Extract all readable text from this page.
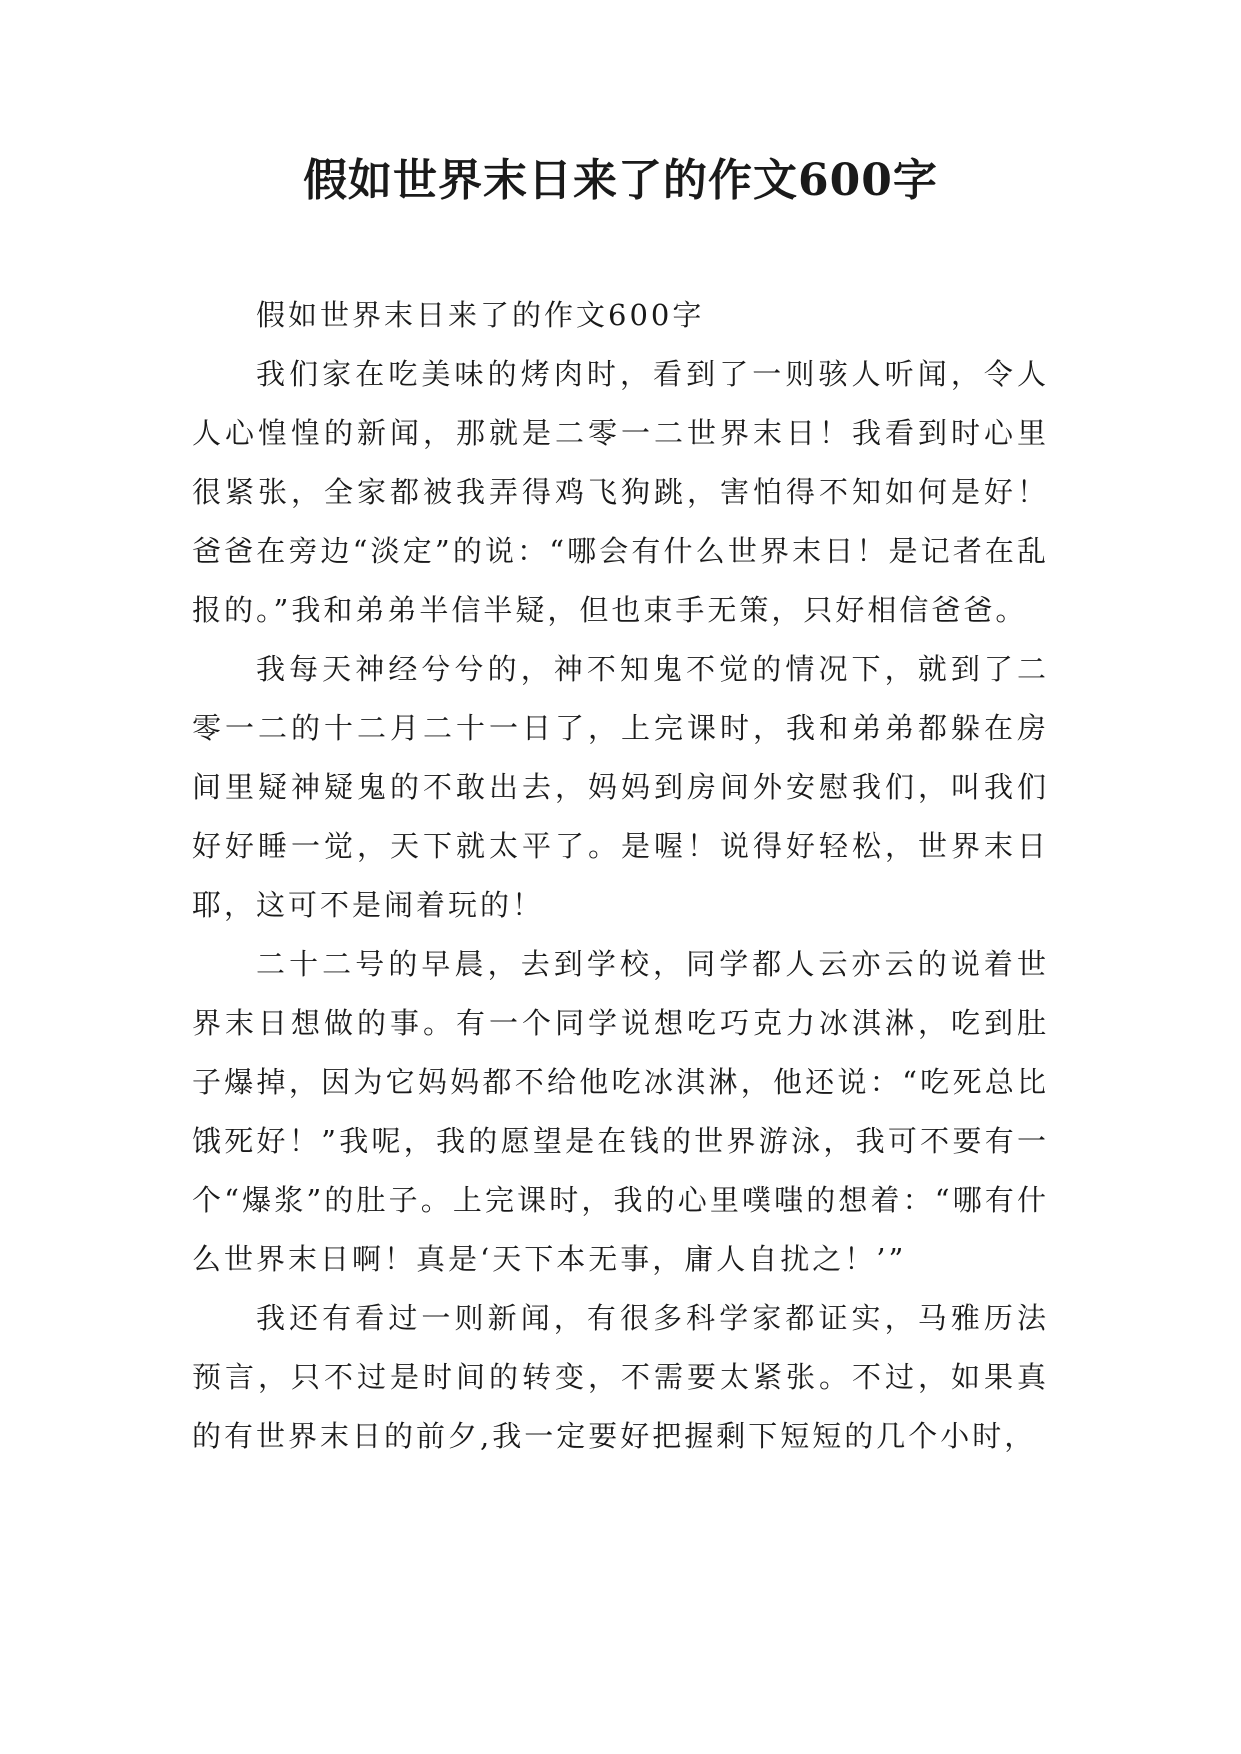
假如世界末日来了的作文600字

假如世界末日来了的作文600字

我们家在吃美味的烤肉时，看到了一则骇人听闻，令人人心惶惶的新闻，那就是二零一二世界末日！我看到时心里很紧张，全家都被我弄得鸡飞狗跳，害怕得不知如何是好！爸爸在旁边“淡定”的说：“哪会有什么世界末日！是记者在乱报的。”我和弟弟半信半疑，但也束手无策，只好相信爸爸。

我每天神经兮兮的，神不知鬼不觉的情况下，就到了二零一二的十二月二十一日了，上完课时，我和弟弟都躲在房间里疑神疑鬼的不敢出去，妈妈到房间外安慰我们，叫我们好好睡一觉，天下就太平了。是喔！说得好轻松，世界末日耶，这可不是闹着玩的！

二十二号的早晨，去到学校，同学都人云亦云的说着世界末日想做的事。有一个同学说想吃巧克力冰淇淋，吃到肚子爆掉，因为它妈妈都不给他吃冰淇淋，他还说：“吃死总比饿死好！”我呢，我的愿望是在钱的世界游泳，我可不要有一个“爆浆”的肚子。上完课时，我的心里噗嗤的想着：“哪有什么世界末日啊！真是‘天下本无事，庸人自扰之！’”

我还有看过一则新闻，有很多科学家都证实，马雅历法预言，只不过是时间的转变，不需要太紧张。不过，如果真的有世界末日的前夕,我一定要好把握剩下短短的几个小时，
